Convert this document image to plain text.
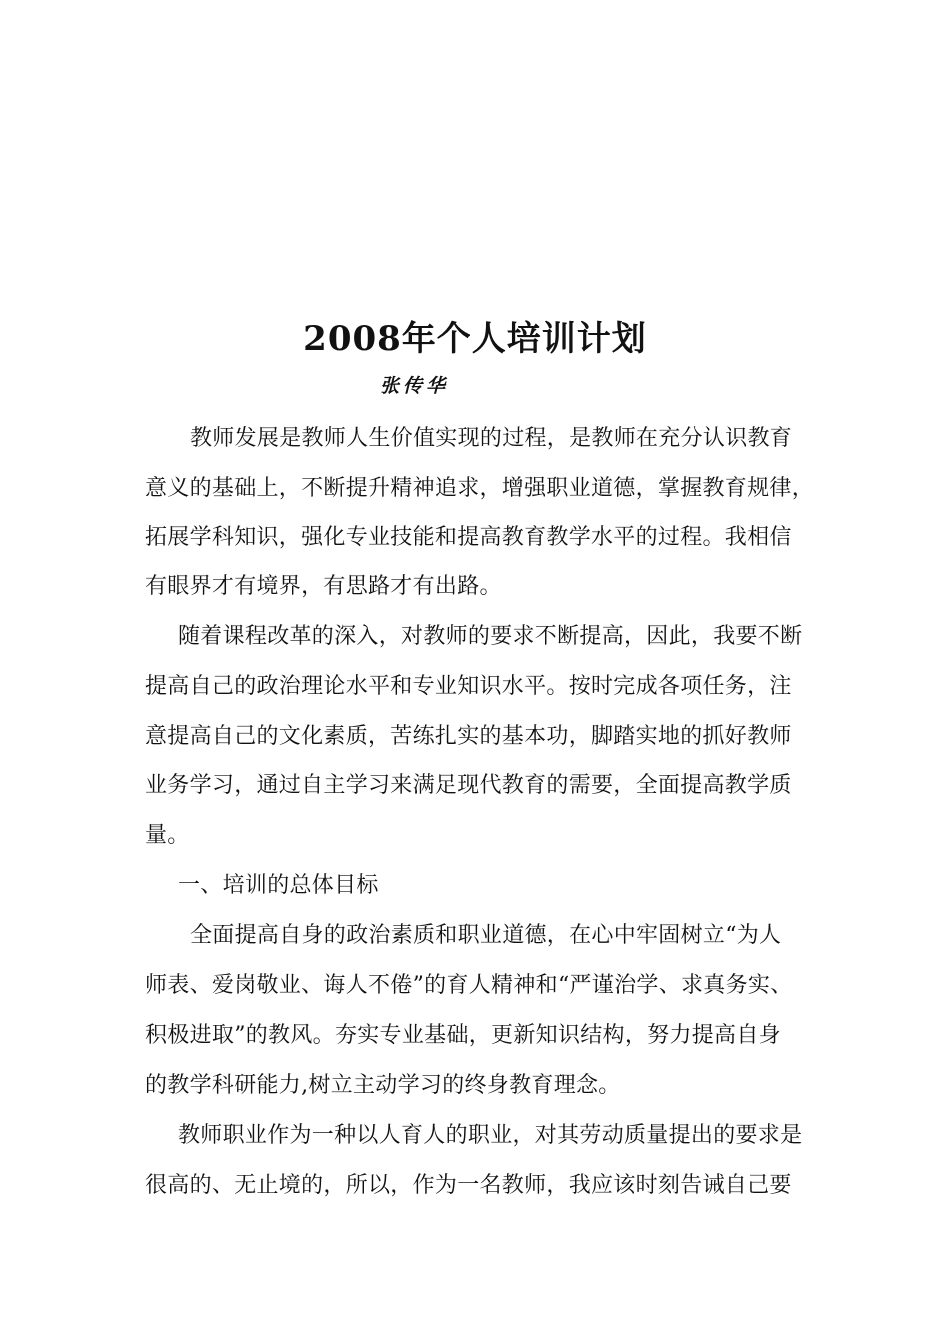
2008年个人培训计划
张传华
教师发展是教师人生价值实现的过程，是教师在充分认识教育
意义的基础上，不断提升精神追求，增强职业道德，掌握教育规律，
拓展学科知识，强化专业技能和提高教育教学水平的过程。我相信
有眼界才有境界，有思路才有出路。
随着课程改革的深入，对教师的要求不断提高，因此，我要不断
提高自己的政治理论水平和专业知识水平。按时完成各项任务，注
意提高自己的文化素质，苦练扎实的基本功，脚踏实地的抓好教师
业务学习，通过自主学习来满足现代教育的需要，全面提高教学质
量。
一、培训的总体目标
全面提高自身的政治素质和职业道德，在心中牢固树立“为人
师表、爱岗敬业、诲人不倦”的育人精神和“严谨治学、求真务实、
积极进取”的教风。夯实专业基础，更新知识结构，努力提高自身
的教学科研能力,树立主动学习的终身教育理念。
教师职业作为一种以人育人的职业，对其劳动质量提出的要求是
很高的、无止境的，所以，作为一名教师，我应该时刻告诫自己要
